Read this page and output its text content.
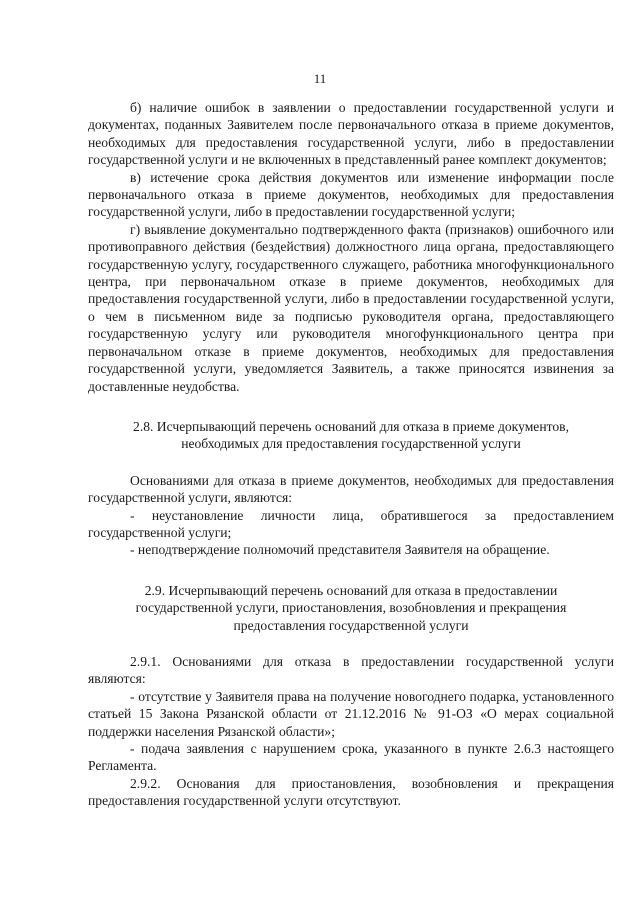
11

б) наличие ошибок в заявлении о предоставлении государственной услуги и документах, поданных Заявителем после первоначального отказа в приеме документов, необходимых для предоставления государственной услуги, либо в предоставлении государственной услуги и не включенных в представленный ранее комплект документов;

в) истечение срока действия документов или изменение информации после первоначального отказа в приеме документов, необходимых для предоставления государственной услуги, либо в предоставлении государственной услуги;

г) выявление документально подтвержденного факта (признаков) ошибочного или противоправного действия (бездействия) должностного лица органа, предоставляющего государственную услугу, государственного служащего, работника многофункционального центра, при первоначальном отказе в приеме документов, необходимых для предоставления государственной услуги, либо в предоставлении государственной услуги, о чем в письменном виде за подписью руководителя органа, предоставляющего государственную услугу или руководителя многофункционального центра при первоначальном отказе в приеме документов, необходимых для предоставления государственной услуги, уведомляется Заявитель, а также приносятся извинения за доставленные неудобства.

2.8. Исчерпывающий перечень оснований для отказа в приеме документов,

необходимых для предоставления государственной услуги

Основаниями для отказа в приеме документов, необходимых для предоставления государственной услуги, являются:

- неустановление личности лица, обратившегося за предоставлением государственной услуги;

- неподтверждение полномочий представителя Заявителя на обращение.

2.9. Исчерпывающий перечень оснований для отказа в предоставлении

государственной услуги, приостановления, возобновления и прекращения

предоставления государственной услуги

2.9.1. Основаниями для отказа в предоставлении государственной услуги являются:

- отсутствие у Заявителя права на получение новогоднего подарка, установленного статьей 15 Закона Рязанской области от 21.12.2016 № 91-ОЗ «О мерах социальной поддержки населения Рязанской области»;

- подача заявления с нарушением срока, указанного в пункте 2.6.3 настоящего Регламента.

2.9.2. Основания для приостановления, возобновления и прекращения предоставления государственной услуги отсутствуют.
